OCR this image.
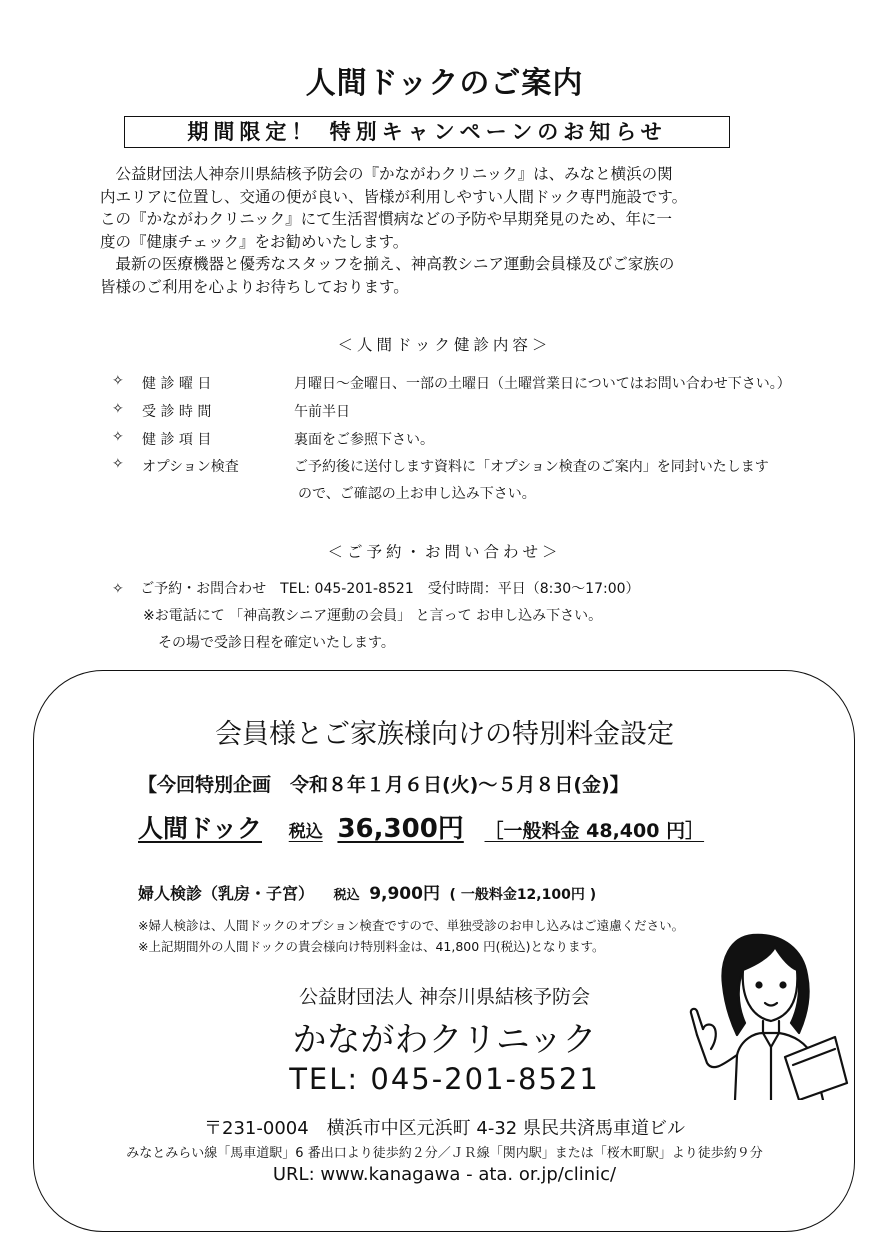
人間ドックのご案内
期間限定！ 特別キャンペーンのお知らせ
　公益財団法人神奈川県結核予防会の『かながわクリニック』は、みなと横浜の関
内エリアに位置し、交通の便が良い、皆様が利用しやすい人間ドック専門施設です。
この『かながわクリニック』にて生活習慣病などの予防や早期発見のため、年に一
度の『健康チェック』をお勧めいたします。
　最新の医療機器と優秀なスタッフを揃え、神高教シニア運動会員様及びご家族の
皆様のご利用を心よりお待ちしております。
＜人間ドック健診内容＞
✧ 健 診 曜 日	月曜日～金曜日、一部の土曜日（土曜営業日についてはお問い合わせ下さい。）
✧ 受 診 時 間	午前半日
✧ 健 診 項 目	裏面をご参照下さい。
✧ オプション検査	ご予約後に送付します資料に「オプション検査のご案内」を同封いたします
ので、ご確認の上お申し込み下さい。
＜ご予約・お問い合わせ＞
✧ ご予約・お問合わせ　TEL: 045-201-8521　受付時間：平日（8:30～17:00）
※お電話にて 「神高教シニア運動の会員」 と言って お申し込み下さい。
その場で受診日程を確定いたします。
会員様とご家族様向けの特別料金設定
【今回特別企画　令和８年１月６日(火)～５月８日(金)】
人間ドック 税込 36,300円 ［一般料金 48,400 円］
婦人検診（乳房・子宮） 税込 9,900円 ( 一般料金12,100円 )
※婦人検診は、人間ドックのオプション検査ですので、単独受診のお申し込みはご遠慮ください。
※上記期間外の人間ドックの貴会様向け特別料金は、41,800 円(税込)となります。
公益財団法人 神奈川県結核予防会
かながわクリニック
TEL: 045-201-8521
〒231-0004　横浜市中区元浜町 4-32 県民共済馬車道ビル
みなとみらい線「馬車道駅」6 番出口より徒歩約２分／ＪＲ線「関内駅」または「桜木町駅」より徒歩約９分
URL: www.kanagawa - ata. or.jp/clinic/
